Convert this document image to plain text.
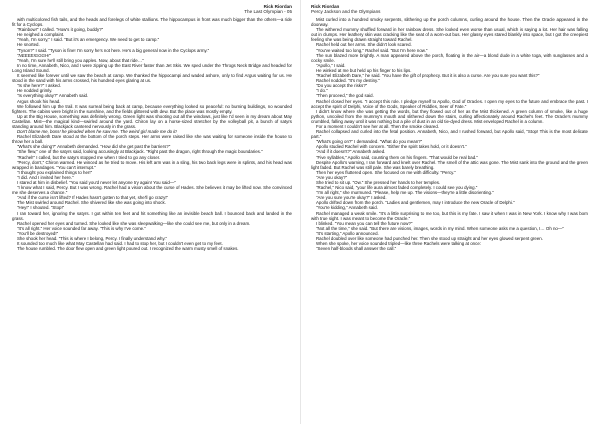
Rick Riordan
The Last Olympian - 05

with multicolored fish tails, and the heads and forelegs of white stallions. The hippocampus in front was much bigger than the others—a ride fit for a Cyclops.

"Rainbow!" I called. "How's it going, buddy?"

He neighed a complaint.

"Yeah, I'm sorry," I said. "But it's an emergency. We need to get to camp."

He snorted.

"Tyson?" I said. "Tyson is fine! I'm sorry he's not here. He's a big general now in the Cyclops army."

"NEEEEIGGGH!"

"Yeah, I'm sure he'll still bring you apples. Now, about that ride…"

In no time, Annabeth, Nico, and I were zipping up the East River faster than Jet Skis. We sped under the Throgs Neck Bridge and headed for Long Island Sound.

It seemed like forever until we saw the beach at camp. We thanked the hippocampi and waded ashore, only to find Argus waiting for us. He stood in the sand with his arms crossed, his hundred eyes glaring at us.

"Is she here?" I asked.

He nodded grimly.

"Is everything okay?" Annabeth said.

Argus shook his head.

We followed him up the trail. It was surreal being back at camp, because everything looked so peaceful: no burning buildings, no wounded fighters. The cabins were bright in the sunshine, and the fields glittered with dew. But the place was mostly empty.

Up at the Big House, something was definitely wrong. Green light was shooting out all the windows, just like I'd seen in my dream about May Castellan. Mist—the magical kind—swirled around the yard. Chiron lay on a horse-sized stretcher by the volleyball pit, a bunch of satyrs standing around him. Blackjack cantered nervously in the grass.

Don't blame me, boss! he pleaded when he saw me. The weird girl made me do it!

Rachel Elizabeth Dare stood at the bottom of the porch steps. Her arms were raised like she was waiting for someone inside the house to throw her a ball.

"What's she doing?" Annabeth demanded. "How did she get past the barriers?"

"She flew," one of the satyrs said, looking accusingly at Blackjack. "Right past the dragon, right through the magic boundaries."

"Rachel!" I called, but the satyrs stopped me when I tried to go any closer.

"Percy, don't," Chiron warned. He winced as he tried to move. His left arm was in a sling, his two back legs were in splints, and his head was wrapped in bandages. "You can't interrupt."

"I thought you explained things to her!"

"I did. And I invited her here."

I stared at him in disbelief. "You said you'd never let anyone try again! You said—"

"I know what I said, Percy. But I was wrong. Rachel had a vision about the curse of Hades. She believes it may be lifted now. She convinced me she deserves a chance."

"And if the curse isn't lifted? If Hades hasn't gotten to that yet, she'll go crazy!"

The Mist swirled around Rachel. She shivered like she was going into shock.

"Hey!" I shouted. "Stop!"

I ran toward her, ignoring the satyrs. I got within ten feet and hit something like an invisible beach ball. I bounced back and landed in the grass.

Rachel opened her eyes and turned. She looked like she was sleepwalking—like she could see me, but only in a dream.

"It's all right." Her voice sounded far away. "This is why I've come."

"You'll be destroyed!"

She shook her head. "This is where I belong, Percy. I finally understand why."

It sounded too much like what May Castellan had said. I had to stop her, but I couldn't even get to my feet.

The house rumbled. The door flew open and green light poured out. I recognized the warm musty smell of snakes.

Rick Riordan
Percy Jackson and the Olympians

Mist curled into a hundred smoky serpents, slithering up the porch columns, curling around the house. Then the Oracle appeared in the doorway.

The withered mummy shuffled forward in her rainbow dress. She looked even worse than usual, which is saying a lot. Her hair was falling out in clumps. Her leathery skin was cracking like the seat of a worn-out bus. Her glassy eyes stared blankly into space, but I got the creepiest feeling she was being drawn straight toward Rachel.

Rachel held out her arms. She didn't look scared.

"You've waited too long," Rachel said. "But I'm here now."

The sun blazed more brightly. A man appeared above the porch, floating in the air—a blond dude in a white toga, with sunglasses and a cocky smile.

"Apollo," I said.

He winked at me but held up his finger to his lips.

"Rachel Elizabeth Dare," he said. "You have the gift of prophecy. But it is also a curse. Are you sure you want this?"

Rachel nodded. "It's my destiny."

"Do you accept the risks?"

"I do."

"Then proceed," the god said.

Rachel closed her eyes. "I accept this role. I pledge myself to Apollo, God of Oracles. I open my eyes to the future and embrace the past. I accept the spirit of Delphi, Voice of the Gods, Speaker of Riddles, Seer of Fate."

I didn't know where she was getting the words, but they flowed out of her as the Mist thickened. A green column of smoke, like a huge python, uncoiled from the mummy's mouth and slithered down the stairs, curling affectionately around Rachel's feet. The Oracle's mummy crumbled, falling away until it was nothing but a pile of dust in an old tie-dyed dress. Mist enveloped Rachel in a column.

For a moment I couldn't see her at all. Then the smoke cleared.

Rachel collapsed and curled into the fetal position. Annabeth, Nico, and I rushed forward, but Apollo said, "Stop! This is the most delicate part."

"What's going on?" I demanded. "What do you mean?"

Apollo studied Rachel with concern. "Either the spirit takes hold, or it doesn't."

"And if it doesn't?" Annabeth asked.

"Five syllables," Apollo said, counting them on his fingers. "That would be real bad."

Despite Apollo's warning, I ran forward and knelt over Rachel. The smell of the attic was gone. The Mist sank into the ground and the green light faded. But Rachel was still pale. She was barely breathing.

Then her eyes fluttered open. She focused on me with difficulty. "Percy."

"Are you okay?"

She tried to sit up. "Ow." She pressed her hands to her temples.

"Rachel," Nico said, "your life aura almost faded completely. I could see you dying."

"I'm all right," she murmured. "Please, help me up. The visions—they're a little disorienting."

"Are you sure you're okay?" I asked.

Apollo drifted down from the porch. "Ladies and gentlemen, may I introduce the new Oracle of Delphi."

"You're kidding," Annabeth said.

Rachel managed a weak smile. "It's a little surprising to me too, but this is my fate. I saw it when I was in New York. I know why I was born with true sight. I was meant to become the Oracle."

I blinked. "You mean you can tell the future now?"

"Not all the time," she said. "But there are visions, images, words in my mind. When someone asks me a question, I… Oh no—"

"It's starting," Apollo announced.

Rachel doubled over like someone had punched her. Then she stood up straight and her eyes glowed serpent green.

When she spoke, her voice sounded tripled—like three Rachels were talking at once:

"Seven half-bloods shall answer the call."
